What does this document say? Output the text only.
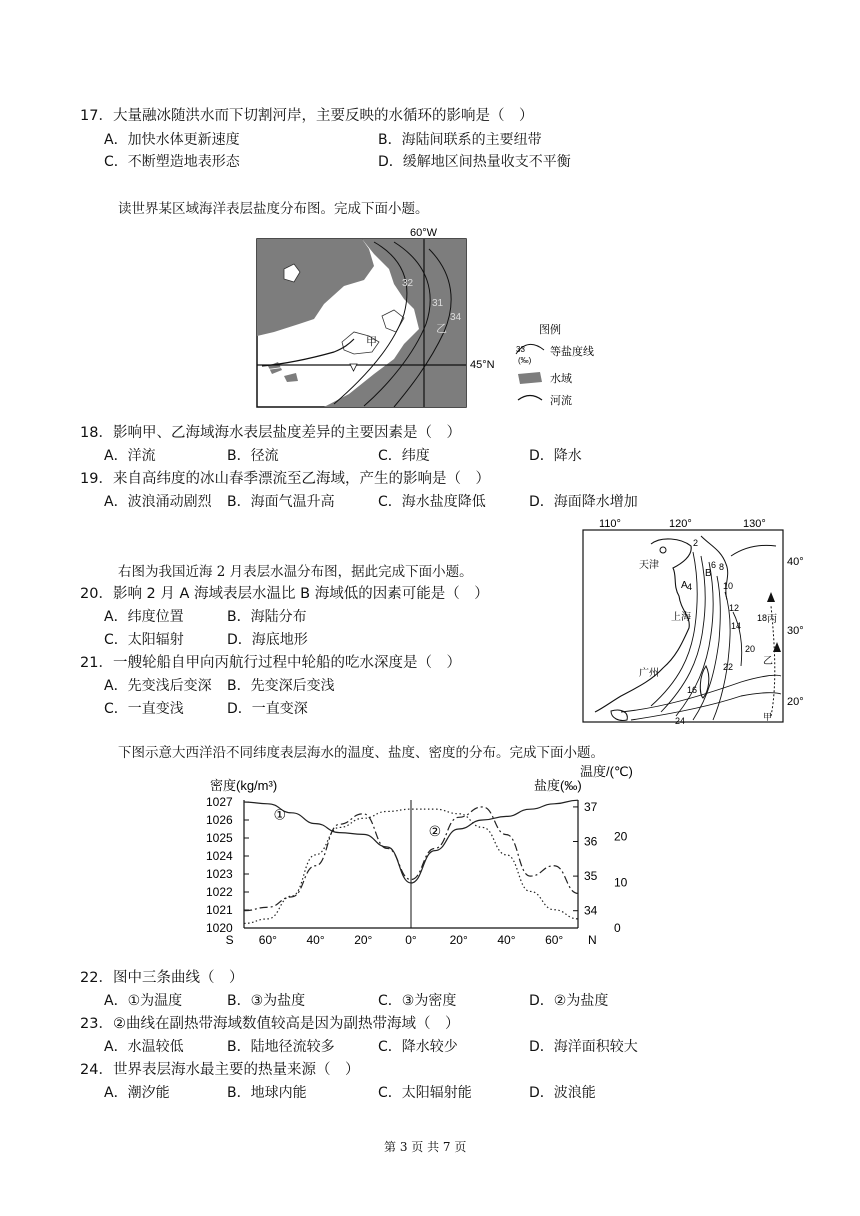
17．大量融冰随洪水而下切割河岸，主要反映的水循环的影响是（　）
A．加快水体更新速度	B．海陆间联系的主要纽带
C．不断塑造地表形态	D．缓解地区间热量收支不平衡
读世界某区域海洋表层盐度分布图。完成下面小题。
60°W
45°N
32
31
34
甲
乙	图例
33
(‰)
等盐度线
水域
河流
18．影响甲、乙海域海水表层盐度差异的主要因素是（　）
A．洋流	B．径流	C．纬度	D．降水
19．来自高纬度的冰山春季漂流至乙海域，产生的影响是（　）
A．波浪涌动剧烈 B．海面气温升高	C．海水盐度降低	D．海面降水增加
110°	120°	130°
40°
30°
20°
天津
上海
广州
A
B
丙
乙
甲
4
6 8
10
12
14
16
18
20
22
24
2
右图为我国近海 2 月表层水温分布图，据此完成下面小题。
20．影响 2 月 A 海域表层水温比 B 海域低的因素可能是（　）
A．纬度位置	B．海陆分布
C．太阳辐射	D．海底地形
21．一艘轮船自甲向丙航行过程中轮船的吃水深度是（　）
A．先变浅后变深 B．先变深后变浅
C．一直变浅	D．一直变深
下图示意大西洋沿不同纬度表层海水的温度、盐度、密度的分布。完成下面小题。
密度(kg/m³)	盐度(‰)
温度/(℃)
1027
1026
1025
1024
1023
1022
1021
1020
37
36
35
34
20
10
0
S 60° 40° 20°	0°	20° 40° 60° N
①
②
22．图中三条曲线（　）
A．①为温度	B．③为盐度	C．③为密度	D．②为盐度
23．②曲线在副热带海域数值较高是因为副热带海域（　）
A．水温较低	B．陆地径流较多	C．降水较少	D．海洋面积较大
24．世界表层海水最主要的热量来源（　）
A．潮汐能	B．地球内能	C．太阳辐射能	D．波浪能
第 3 页 共 7 页
